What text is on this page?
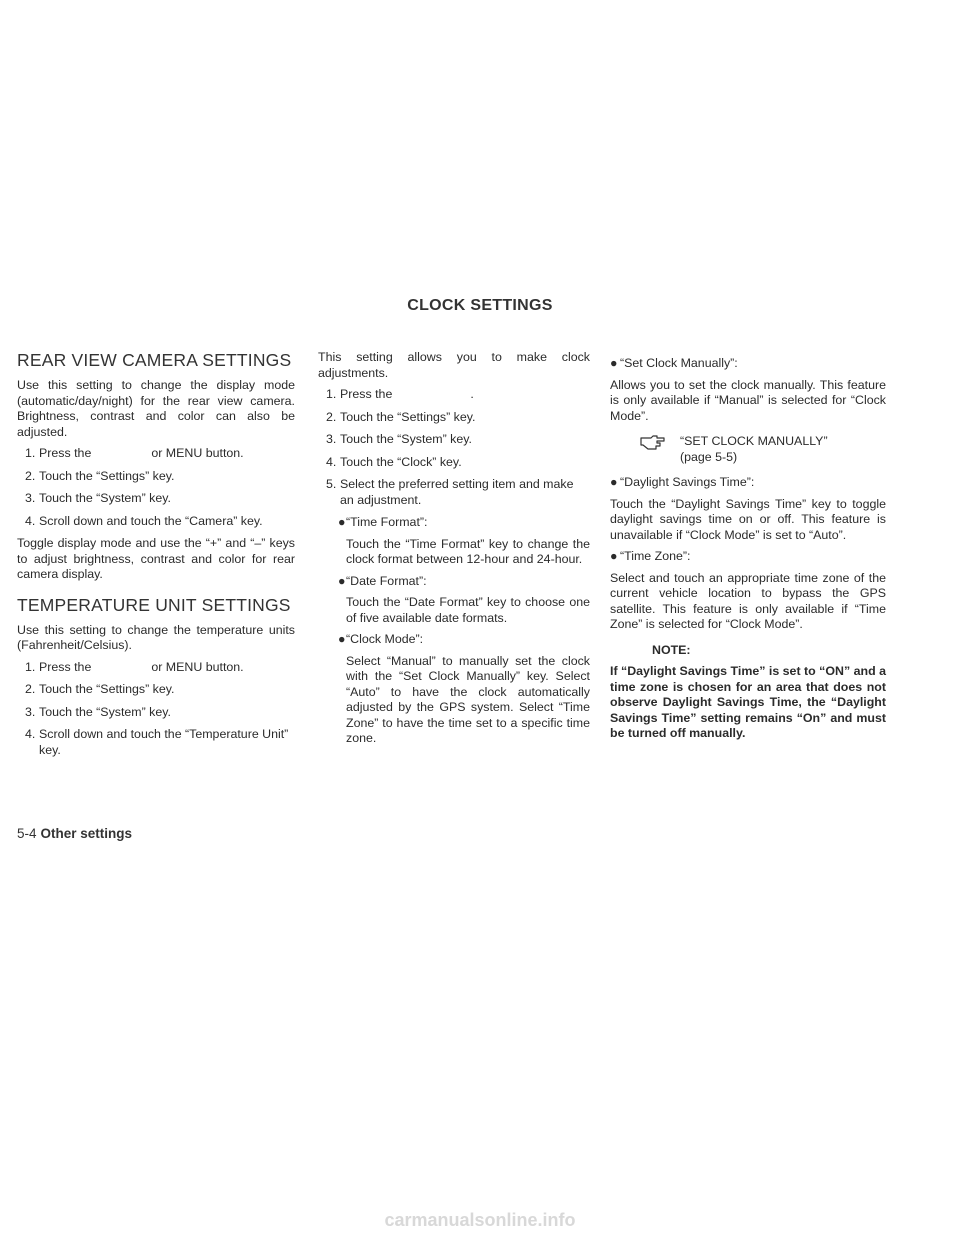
CLOCK SETTINGS
REAR VIEW CAMERA SETTINGS

Use this setting to change the display mode (automatic/day/night) for the rear view camera. Brightness, contrast and color can also be adjusted.

1. Press the	or MENU button.
2. Touch the “Settings” key.
3. Touch the “System” key.
4. Scroll down and touch the “Camera” key.

Toggle display mode and use the “+” and “–” keys to adjust brightness, contrast and color for rear camera display.

TEMPERATURE UNIT SETTINGS

Use this setting to change the temperature units (Fahrenheit/Celsius).

1. Press the	or MENU button.
2. Touch the “Settings” key.
3. Touch the “System” key.
4. Scroll down and touch the “Temperature Unit” key.

This setting allows you to make clock adjustments.

1. Press the	.
2. Touch the “Settings” key.
3. Touch the “System” key.
4. Touch the “Clock” key.
5. Select the preferred setting item and make an adjustment.
● “Time Format”:

Touch the “Time Format” key to change the clock format between 12-hour and 24-hour.

● “Date Format”:

Touch the “Date Format” key to choose one of five available date formats.

● “Clock Mode”:

Select “Manual” to manually set the clock with the “Set Clock Manually” key. Select “Auto” to have the clock automatically adjusted by the GPS system. Select “Time Zone” to have the time set to a specific time zone.

● “Set Clock Manually”:

Allows you to set the clock manually. This feature is only available if “Manual” is selected for “Clock Mode”.

“SET CLOCK MANUALLY”
(page 5-5)
● “Daylight Savings Time”:

Touch the “Daylight Savings Time” key to toggle daylight savings time on or off. This feature is unavailable if “Clock Mode” is set to “Auto”.

● “Time Zone”:

Select and touch an appropriate time zone of the current vehicle location to bypass the GPS satellite. This feature is only available if “Time Zone” is selected for “Clock Mode”.

NOTE:

If “Daylight Savings Time” is set to “ON” and a time zone is chosen for an area that does not observe Daylight Savings Time, the “Daylight Savings Time” setting remains “On” and must be turned off manually.

5-4 Other settings
carmanualsonline.info
